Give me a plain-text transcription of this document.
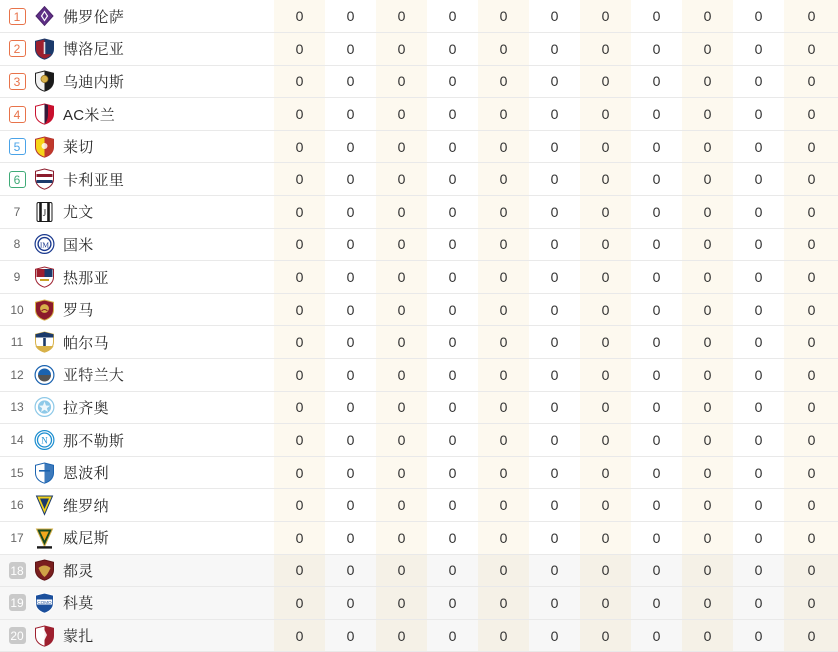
1	佛罗伦萨	0	0	0	0	0	0	0	0	0	0	0
2	博洛尼亚	0	0	0	0	0	0	0	0	0	0	0
3	乌迪内斯	0	0	0	0	0	0	0	0	0	0	0
4	AC米兰	0	0	0	0	0	0	0	0	0	0	0
5	莱切	0	0	0	0	0	0	0	0	0	0	0
6	卡利亚里	0	0	0	0	0	0	0	0	0	0	0
7	J 尤文	0	0	0	0	0	0	0	0	0	0	0
8	IM 国米	0	0	0	0	0	0	0	0	0	0	0
9	热那亚	0	0	0	0	0	0	0	0	0	0	0
10	罗马	0	0	0	0	0	0	0	0	0	0	0
11	帕尔马	0	0	0	0	0	0	0	0	0	0	0
12	亚特兰大	0	0	0	0	0	0	0	0	0	0	0
13	拉齐奥	0	0	0	0	0	0	0	0	0	0	0
14	N 那不勒斯	0	0	0	0	0	0	0	0	0	0	0
15	恩波利	0	0	0	0	0	0	0	0	0	0	0
16	维罗纳	0	0	0	0	0	0	0	0	0	0	0
17	威尼斯	0	0	0	0	0	0	0	0	0	0	0
18	都灵	0	0	0	0	0	0	0	0	0	0	0
19	COMO 科莫	0	0	0	0	0	0	0	0	0	0	0
20	蒙扎	0	0	0	0	0	0	0	0	0	0	0
